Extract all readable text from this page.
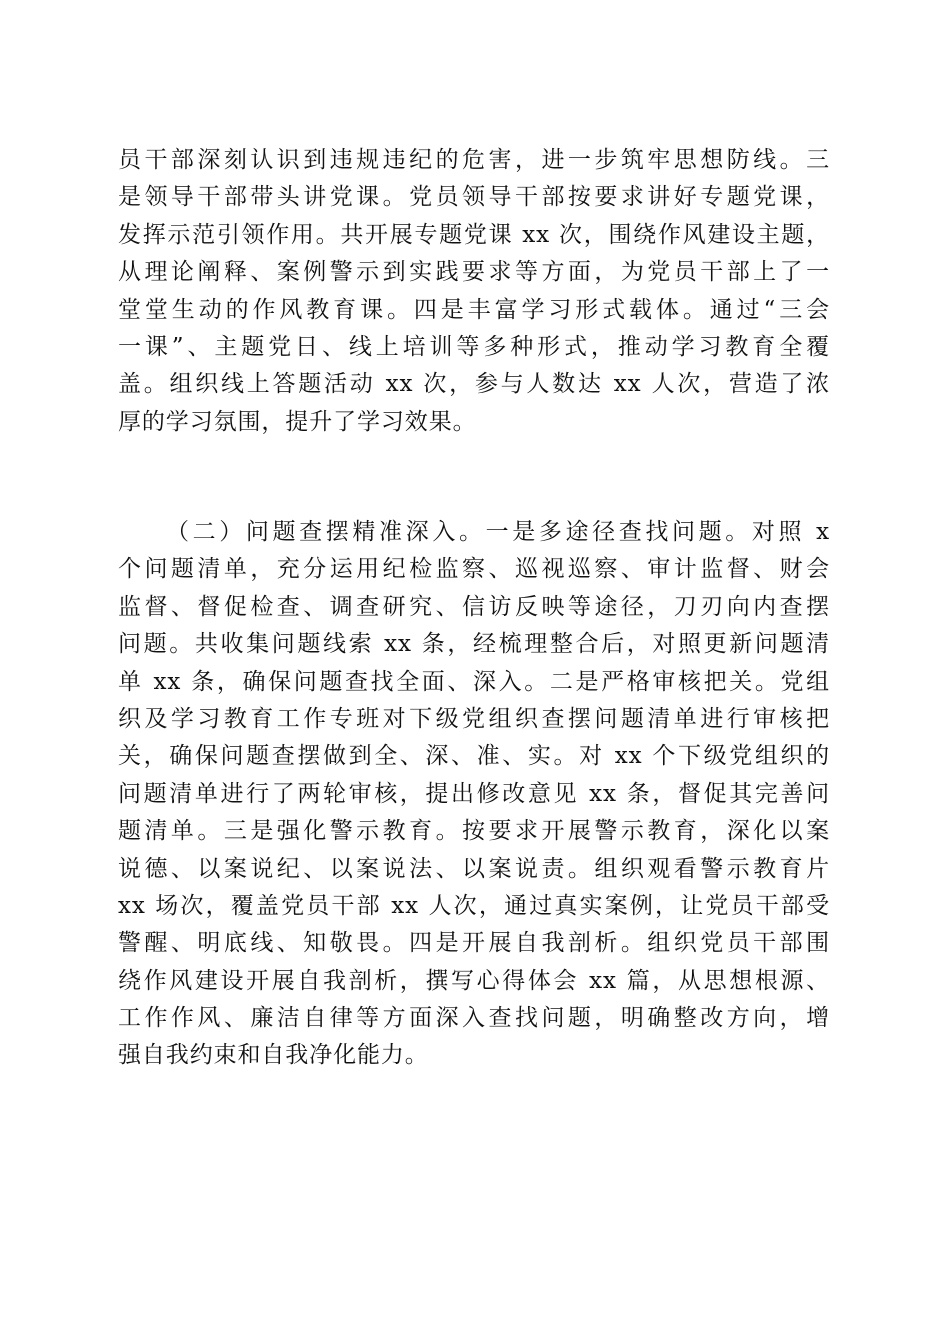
员干部深刻认识到违规违纪的危害，进一步筑牢思想防线。三
是领导干部带头讲党课。党员领导干部按要求讲好专题党课，
发挥示范引领作用。共开展专题党课 xx 次，围绕作风建设主题，
从理论阐释、案例警示到实践要求等方面，为党员干部上了一
堂堂生动的作风教育课。四是丰富学习形式载体。通过“三会
一课”、主题党日、线上培训等多种形式，推动学习教育全覆
盖。组织线上答题活动 xx 次，参与人数达 xx 人次，营造了浓
厚的学习氛围，提升了学习效果。
（二）问题查摆精准深入。一是多途径查找问题。对照 x
个问题清单，充分运用纪检监察、巡视巡察、审计监督、财会
监督、督促检查、调查研究、信访反映等途径，刀刃向内查摆
问题。共收集问题线索 xx 条，经梳理整合后，对照更新问题清
单 xx 条，确保问题查找全面、深入。二是严格审核把关。党组
织及学习教育工作专班对下级党组织查摆问题清单进行审核把
关，确保问题查摆做到全、深、准、实。对 xx 个下级党组织的
问题清单进行了两轮审核，提出修改意见 xx 条，督促其完善问
题清单。三是强化警示教育。按要求开展警示教育，深化以案
说德、以案说纪、以案说法、以案说责。组织观看警示教育片
xx 场次，覆盖党员干部 xx 人次，通过真实案例，让党员干部受
警醒、明底线、知敬畏。四是开展自我剖析。组织党员干部围
绕作风建设开展自我剖析，撰写心得体会 xx 篇，从思想根源、
工作作风、廉洁自律等方面深入查找问题，明确整改方向，增
强自我约束和自我净化能力。
